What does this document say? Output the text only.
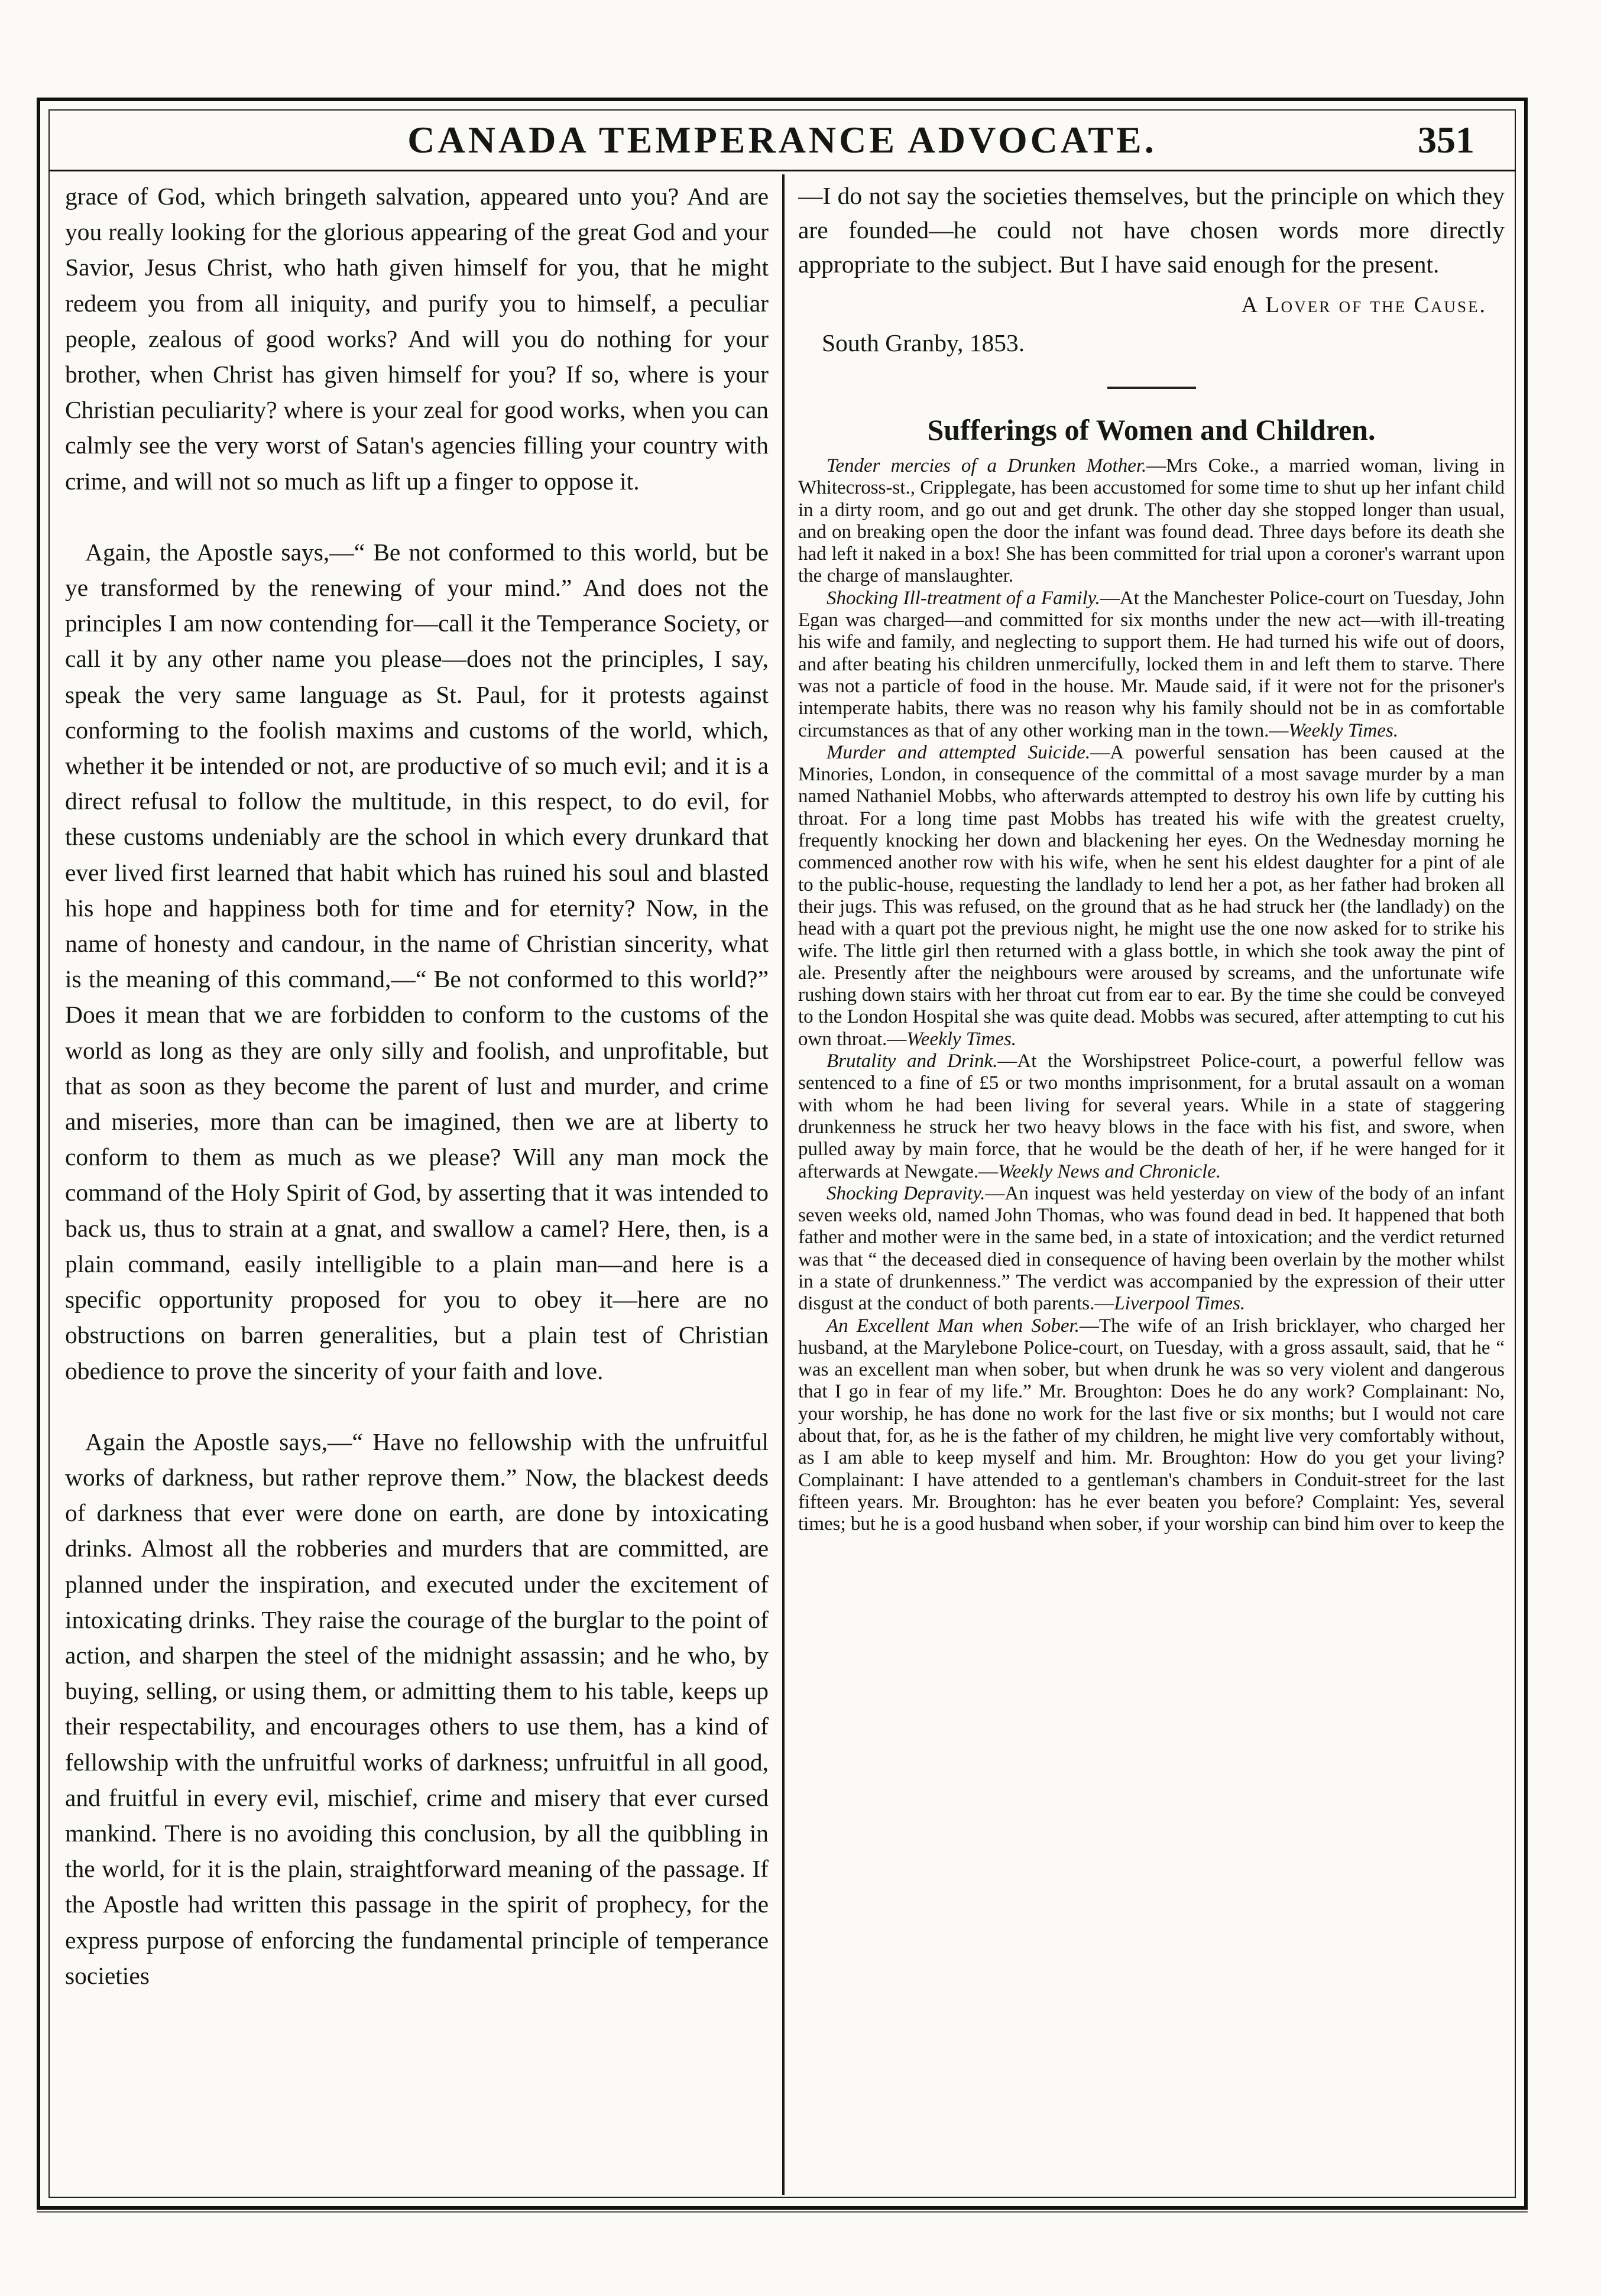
CANADA TEMPERANCE ADVOCATE.	351

grace of God, which bringeth salvation, appeared unto you? And are you really looking for the glorious appearing of the great God and your Savior, Jesus Christ, who hath given himself for you, that he might redeem you from all iniquity, and purify you to himself, a peculiar people, zealous of good works? And will you do nothing for your brother, when Christ has given himself for you? If so, where is your Christian peculiarity? where is your zeal for good works, when you can calmly see the very worst of Satan's agencies filling your country with crime, and will not so much as lift up a finger to oppose it.

Again, the Apostle says,—“ Be not conformed to this world, but be ye transformed by the renewing of your mind.” And does not the principles I am now contending for—call it the Temperance Society, or call it by any other name you please—does not the principles, I say, speak the very same language as St. Paul, for it protests against conforming to the foolish maxims and customs of the world, which, whether it be intended or not, are productive of so much evil; and it is a direct refusal to follow the multitude, in this respect, to do evil, for these customs undeniably are the school in which every drunkard that ever lived first learned that habit which has ruined his soul and blasted his hope and happiness both for time and for eternity? Now, in the name of honesty and candour, in the name of Christian sincerity, what is the meaning of this command,—“ Be not conformed to this world?” Does it mean that we are forbidden to conform to the customs of the world as long as they are only silly and foolish, and unprofitable, but that as soon as they become the parent of lust and murder, and crime and miseries, more than can be imagined, then we are at liberty to conform to them as much as we please? Will any man mock the command of the Holy Spirit of God, by asserting that it was intended to back us, thus to strain at a gnat, and swallow a camel? Here, then, is a plain command, easily intelligible to a plain man—and here is a specific opportunity proposed for you to obey it—here are no obstructions on barren generalities, but a plain test of Christian obedience to prove the sincerity of your faith and love.

Again the Apostle says,—“ Have no fellowship with the unfruitful works of darkness, but rather reprove them.” Now, the blackest deeds of darkness that ever were done on earth, are done by intoxicating drinks. Almost all the robberies and murders that are committed, are planned under the inspiration, and executed under the excitement of intoxicating drinks. They raise the courage of the burglar to the point of action, and sharpen the steel of the midnight assassin; and he who, by buying, selling, or using them, or admitting them to his table, keeps up their respectability, and encourages others to use them, has a kind of fellowship with the unfruitful works of darkness; unfruitful in all good, and fruitful in every evil, mischief, crime and misery that ever cursed mankind. There is no avoiding this conclusion, by all the quibbling in the world, for it is the plain, straightforward meaning of the passage. If the Apostle had written this passage in the spirit of prophecy, for the express purpose of enforcing the fundamental principle of temperance societies

—I do not say the societies themselves, but the principle on which they are founded—he could not have chosen words more directly appropriate to the subject. But I have said enough for the present.

A Lover of the Cause.
South Granby, 1853.
Sufferings of Women and Children.

Tender mercies of a Drunken Mother.—Mrs Coke., a married woman, living in Whitecross-st., Cripplegate, has been accustomed for some time to shut up her infant child in a dirty room, and go out and get drunk. The other day she stopped longer than usual, and on breaking open the door the infant was found dead. Three days before its death she had left it naked in a box! She has been committed for trial upon a coroner's warrant upon the charge of manslaughter.

Shocking Ill-treatment of a Family.—At the Manchester Police-court on Tuesday, John Egan was charged—and committed for six months under the new act—with ill-treating his wife and family, and neglecting to support them. He had turned his wife out of doors, and after beating his children unmercifully, locked them in and left them to starve. There was not a particle of food in the house. Mr. Maude said, if it were not for the prisoner's intemperate habits, there was no reason why his family should not be in as comfortable circumstances as that of any other working man in the town.—Weekly Times.

Murder and attempted Suicide.—A powerful sensation has been caused at the Minories, London, in consequence of the committal of a most savage murder by a man named Nathaniel Mobbs, who afterwards attempted to destroy his own life by cutting his throat. For a long time past Mobbs has treated his wife with the greatest cruelty, frequently knocking her down and blackening her eyes. On the Wednesday morning he commenced another row with his wife, when he sent his eldest daughter for a pint of ale to the public-house, requesting the landlady to lend her a pot, as her father had broken all their jugs. This was refused, on the ground that as he had struck her (the landlady) on the head with a quart pot the previous night, he might use the one now asked for to strike his wife. The little girl then returned with a glass bottle, in which she took away the pint of ale. Presently after the neighbours were aroused by screams, and the unfortunate wife rushing down stairs with her throat cut from ear to ear. By the time she could be conveyed to the London Hospital she was quite dead. Mobbs was secured, after attempting to cut his own throat.—Weekly Times.

Brutality and Drink.—At the Worshipstreet Police-court, a powerful fellow was sentenced to a fine of £5 or two months imprisonment, for a brutal assault on a woman with whom he had been living for several years. While in a state of staggering drunkenness he struck her two heavy blows in the face with his fist, and swore, when pulled away by main force, that he would be the death of her, if he were hanged for it afterwards at Newgate.—Weekly News and Chronicle.

Shocking Depravity.—An inquest was held yesterday on view of the body of an infant seven weeks old, named John Thomas, who was found dead in bed. It happened that both father and mother were in the same bed, in a state of intoxication; and the verdict returned was that “ the deceased died in consequence of having been overlain by the mother whilst in a state of drunkenness.” The verdict was accompanied by the expression of their utter disgust at the conduct of both parents.—Liverpool Times.

An Excellent Man when Sober.—The wife of an Irish bricklayer, who charged her husband, at the Marylebone Police-court, on Tuesday, with a gross assault, said, that he “ was an excellent man when sober, but when drunk he was so very violent and dangerous that I go in fear of my life.” Mr. Broughton: Does he do any work? Complainant: No, your worship, he has done no work for the last five or six months; but I would not care about that, for, as he is the father of my children, he might live very comfortably without, as I am able to keep myself and him. Mr. Broughton: How do you get your living? Complainant: I have attended to a gentleman's chambers in Conduit-street for the last fifteen years. Mr. Broughton: has he ever beaten you before? Complaint: Yes, several times; but he is a good husband when sober, if your worship can bind him over to keep the
